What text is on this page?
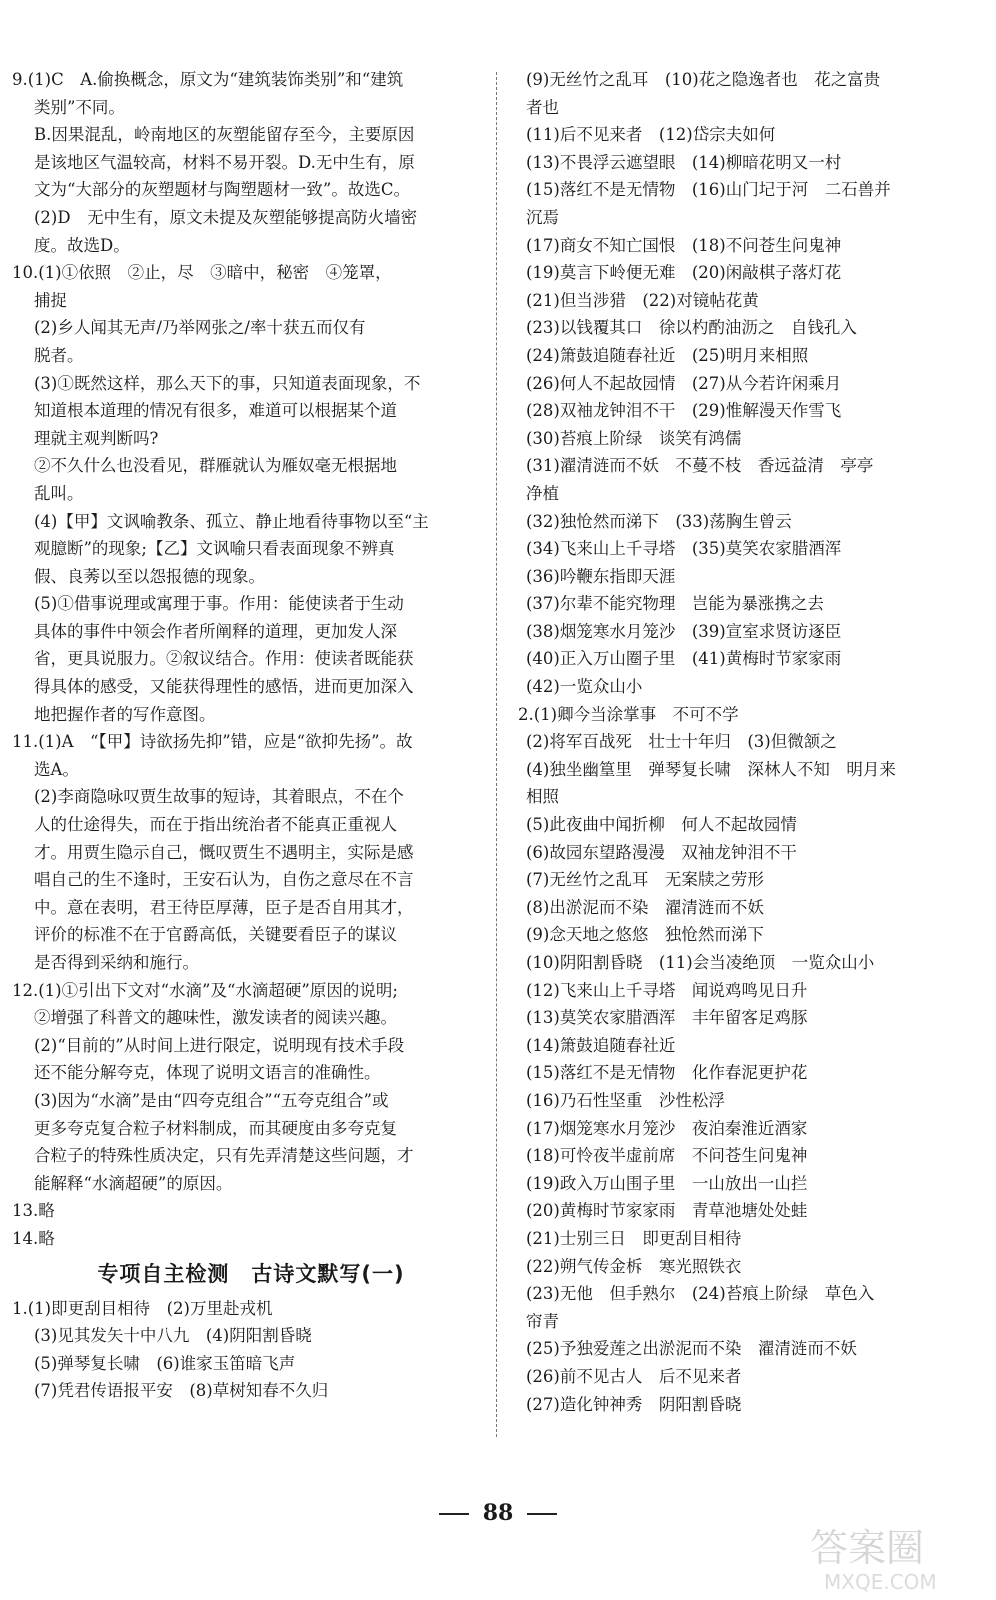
9.(1)C　A.偷换概念，原文为“建筑装饰类别”和“建筑

类别”不同。

B.因果混乱，岭南地区的灰塑能留存至今，主要原因

是该地区气温较高，材料不易开裂。D.无中生有，原

文为“大部分的灰塑题材与陶塑题材一致”。故选C。

(2)D　无中生有，原文未提及灰塑能够提高防火墙密

度。故选D。

10.(1)①依照　②止，尽　③暗中，秘密　④笼罩，

捕捉

(2)乡人闻其无声/乃举网张之/率十获五而仅有

脱者。

(3)①既然这样，那么天下的事，只知道表面现象，不

知道根本道理的情况有很多，难道可以根据某个道

理就主观判断吗?

②不久什么也没看见，群雁就认为雁奴毫无根据地

乱叫。

(4)【甲】文讽喻教条、孤立、静止地看待事物以至“主

观臆断”的现象;【乙】文讽喻只看表面现象不辨真

假、良莠以至以怨报德的现象。

(5)①借事说理或寓理于事。作用：能使读者于生动

具体的事件中领会作者所阐释的道理，更加发人深

省，更具说服力。②叙议结合。作用：使读者既能获

得具体的感受，又能获得理性的感悟，进而更加深入

地把握作者的写作意图。

11.(1)A　“【甲】诗欲扬先抑”错，应是“欲抑先扬”。故

选A。

(2)李商隐咏叹贾生故事的短诗，其着眼点，不在个

人的仕途得失，而在于指出统治者不能真正重视人

才。用贾生隐示自己，慨叹贾生不遇明主，实际是感

唱自己的生不逢时，王安石认为，自伤之意尽在不言

中。意在表明，君王待臣厚薄，臣子是否自用其才，

评价的标准不在于官爵高低，关键要看臣子的谋议

是否得到采纳和施行。

12.(1)①引出下文对“水滴”及“水滴超硬”原因的说明;

②增强了科普文的趣味性，激发读者的阅读兴趣。

(2)“目前的”从时间上进行限定，说明现有技术手段

还不能分解夸克，体现了说明文语言的准确性。

(3)因为“水滴”是由“四夸克组合”“五夸克组合”或

更多夸克复合粒子材料制成，而其硬度由多夸克复

合粒子的特殊性质决定，只有先弄清楚这些问题，才

能解释“水滴超硬”的原因。

13.略

14.略

专项自主检测　古诗文默写(一)

1.(1)即更刮目相待　(2)万里赴戎机

(3)见其发矢十中八九　(4)阴阳割昏晓

(5)弹琴复长啸　(6)谁家玉笛暗飞声

(7)凭君传语报平安　(8)草树知春不久归

(9)无丝竹之乱耳　(10)花之隐逸者也　花之富贵

者也

(11)后不见来者　(12)岱宗夫如何

(13)不畏浮云遮望眼　(14)柳暗花明又一村

(15)落红不是无情物　(16)山门圮于河　二石兽并

沉焉

(17)商女不知亡国恨　(18)不问苍生问鬼神

(19)莫言下岭便无难　(20)闲敲棋子落灯花

(21)但当涉猎　(22)对镜帖花黄

(23)以钱覆其口　徐以杓酌油沥之　自钱孔入

(24)箫鼓追随春社近　(25)明月来相照

(26)何人不起故园情　(27)从今若许闲乘月

(28)双袖龙钟泪不干　(29)惟解漫天作雪飞

(30)苔痕上阶绿　谈笑有鸿儒

(31)濯清涟而不妖　不蔓不枝　香远益清　亭亭

净植

(32)独怆然而涕下　(33)荡胸生曾云

(34)飞来山上千寻塔　(35)莫笑农家腊酒浑

(36)吟鞭东指即天涯

(37)尔辈不能究物理　岂能为暴涨携之去

(38)烟笼寒水月笼沙　(39)宣室求贤访逐臣

(40)正入万山圈子里　(41)黄梅时节家家雨

(42)一览众山小

2.(1)卿今当涂掌事　不可不学

(2)将军百战死　壮士十年归　(3)但微颔之

(4)独坐幽篁里　弹琴复长啸　深林人不知　明月来

相照

(5)此夜曲中闻折柳　何人不起故园情

(6)故园东望路漫漫　双袖龙钟泪不干

(7)无丝竹之乱耳　无案牍之劳形

(8)出淤泥而不染　濯清涟而不妖

(9)念天地之悠悠　独怆然而涕下

(10)阴阳割昏晓　(11)会当凌绝顶　一览众山小

(12)飞来山上千寻塔　闻说鸡鸣见日升

(13)莫笑农家腊酒浑　丰年留客足鸡豚

(14)箫鼓追随春社近

(15)落红不是无情物　化作春泥更护花

(16)乃石性坚重　沙性松浮

(17)烟笼寒水月笼沙　夜泊秦淮近酒家

(18)可怜夜半虚前席　不问苍生问鬼神

(19)政入万山围子里　一山放出一山拦

(20)黄梅时节家家雨　青草池塘处处蛙

(21)士别三日　即更刮目相待

(22)朔气传金柝　寒光照铁衣

(23)无他　但手熟尔　(24)苔痕上阶绿　草色入

帘青

(25)予独爱莲之出淤泥而不染　濯清涟而不妖

(26)前不见古人　后不见来者

(27)造化钟神秀　阴阳割昏晓

88
答案圈
MXQE.COM
